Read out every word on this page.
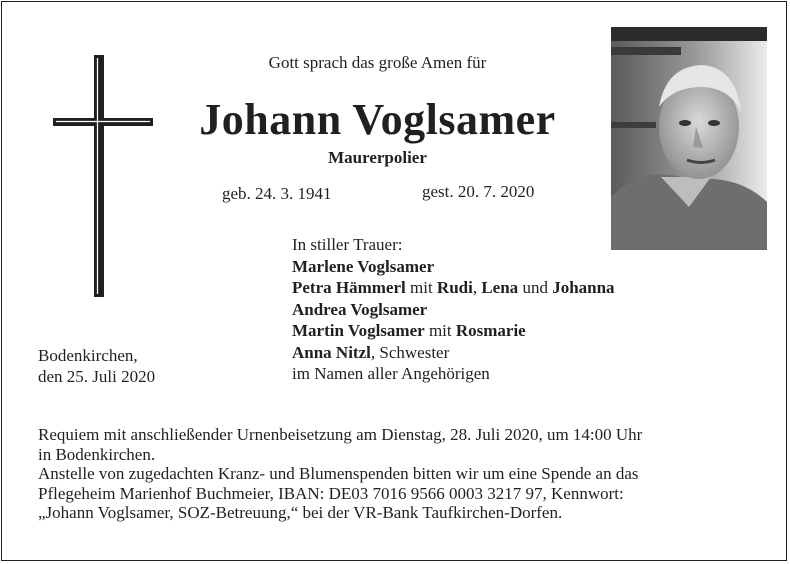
Gott sprach das große Amen für
Johann Voglsamer
Maurerpolier
geb. 24. 3. 1941	gest. 20. 7. 2020
In stiller Trauer:
Marlene Voglsamer
Petra Hämmerl mit Rudi, Lena und Johanna
Andrea Voglsamer
Martin Voglsamer mit Rosmarie
Anna Nitzl, Schwester
im Namen aller Angehörigen
Bodenkirchen,
den 25. Juli 2020
Requiem mit anschließender Urnenbeisetzung am Dienstag, 28. Juli 2020, um 14:00 Uhr
in Bodenkirchen.
Anstelle von zugedachten Kranz- und Blumenspenden bitten wir um eine Spende an das
Pflegeheim Marienhof Buchmeier, IBAN: DE03 7016 9566 0003 3217 97, Kennwort:
„Johann Voglsamer, SOZ-Betreuung,“ bei der VR-Bank Taufkirchen-Dorfen.
